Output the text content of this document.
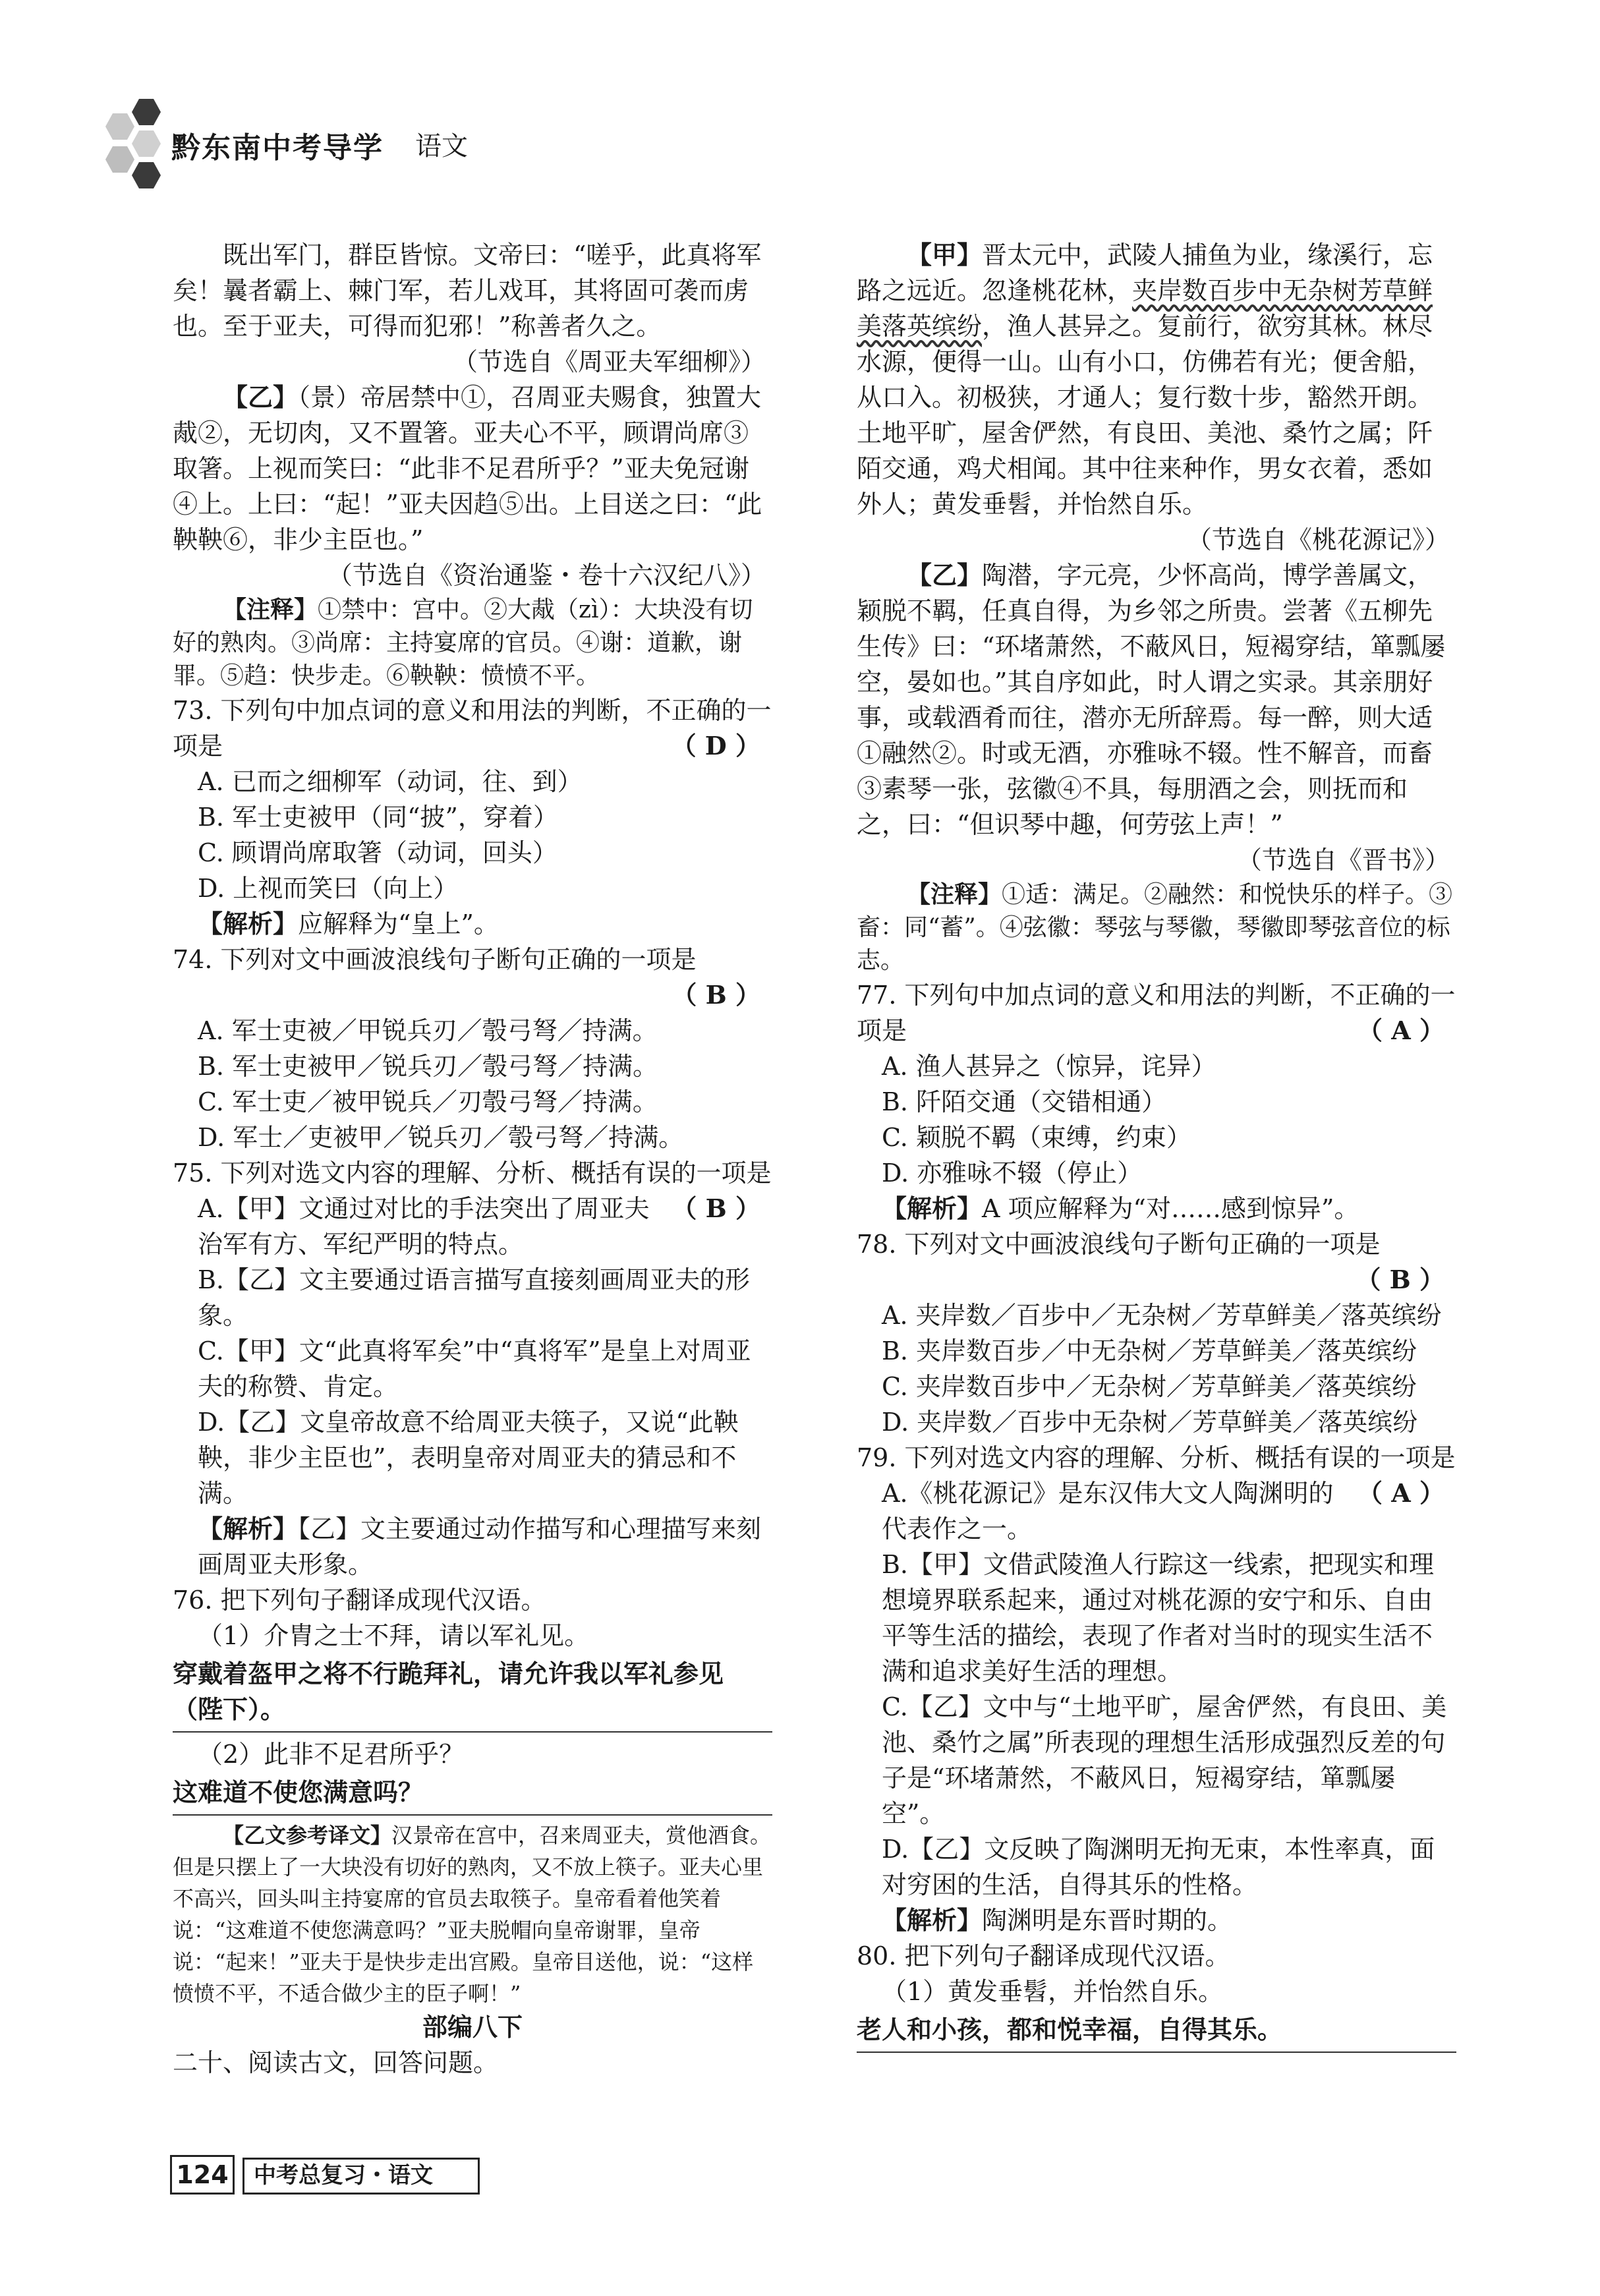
黔东南中考导学 语文

既出军门，群臣皆惊。文帝曰：“嗟乎，此真将军矣！曩者霸上、棘门军，若儿戏耳，其将固可袭而虏也。至于亚夫，可得而犯邪！”称善者久之。

（节选自《周亚夫军细柳》）

【乙】（景）帝居禁中①，召周亚夫赐食，独置大胾②，无切肉，又不置箸。亚夫心不平，顾谓尚席③取箸。上视而笑曰：“此非不足君所乎？”亚夫免冠谢④上。上曰：“起！”亚夫因趋⑤出。上目送之曰：“此鞅鞅⑥，非少主臣也。”

（节选自《资治通鉴・卷十六汉纪八》）

【注释】①禁中：宫中。②大胾（zì）：大块没有切好的熟肉。③尚席：主持宴席的官员。④谢：道歉，谢罪。⑤趋：快步走。⑥鞅鞅：愤愤不平。

73. 下列句中加点词的意义和用法的判断，不正确的一项是	（ D ）

A. 已而之细柳军（动词，往、到）

B. 军士吏被甲（同“披”，穿着）

C. 顾谓尚席取箸（动词，回头）

D. 上视而笑曰（向上）

【解析】应解释为“皇上”。

74. 下列对文中画波浪线句子断句正确的一项是

（ B ）

A. 军士吏被／甲锐兵刃／彀弓弩／持满。

B. 军士吏被甲／锐兵刃／彀弓弩／持满。

C. 军士吏／被甲锐兵／刃彀弓弩／持满。

D. 军士／吏被甲／锐兵刃／彀弓弩／持满。

75. 下列对选文内容的理解、分析、概括有误的一项是
（ B ）

A.【甲】文通过对比的手法突出了周亚夫治军有方、军纪严明的特点。

B.【乙】文主要通过语言描写直接刻画周亚夫的形象。

C.【甲】文“此真将军矣”中“真将军”是皇上对周亚夫的称赞、肯定。

D.【乙】文皇帝故意不给周亚夫筷子，又说“此鞅鞅，非少主臣也”，表明皇帝对周亚夫的猜忌和不满。

【解析】【乙】文主要通过动作描写和心理描写来刻画周亚夫形象。

76. 把下列句子翻译成现代汉语。

（1）介胄之士不拜，请以军礼见。

穿戴着盔甲之将不行跪拜礼，请允许我以军礼参见（陛下）。

（2）此非不足君所乎？

这难道不使您满意吗？

【乙文参考译文】汉景帝在宫中，召来周亚夫，赏他酒食。但是只摆上了一大块没有切好的熟肉，又不放上筷子。亚夫心里不高兴，回头叫主持宴席的官员去取筷子。皇帝看着他笑着说：“这难道不使您满意吗？”亚夫脱帽向皇帝谢罪，皇帝说：“起来！”亚夫于是快步走出宫殿。皇帝目送他，说：“这样愤愤不平，不适合做少主的臣子啊！”

部编八下

二十、阅读古文，回答问题。

【甲】晋太元中，武陵人捕鱼为业，缘溪行，忘路之远近。忽逢桃花林，夹岸数百步中无杂树芳草鲜美落英缤纷，渔人甚异之。复前行，欲穷其林。林尽水源，便得一山。山有小口，仿佛若有光；便舍船，从口入。初极狭，才通人；复行数十步，豁然开朗。土地平旷，屋舍俨然，有良田、美池、桑竹之属；阡陌交通，鸡犬相闻。其中往来种作，男女衣着，悉如外人；黄发垂髫，并怡然自乐。

（节选自《桃花源记》）

【乙】陶潜，字元亮，少怀高尚，博学善属文，颖脱不羁，任真自得，为乡邻之所贵。尝著《五柳先生传》曰：“环堵萧然，不蔽风日，短褐穿结，箪瓢屡空，晏如也。”其自序如此，时人谓之实录。其亲朋好事，或载酒肴而往，潜亦无所辞焉。每一醉，则大适①融然②。时或无酒，亦雅咏不辍。性不解音，而畜③素琴一张，弦徽④不具，每朋酒之会，则抚而和之，曰：“但识琴中趣，何劳弦上声！”

（节选自《晋书》）

【注释】①适：满足。②融然：和悦快乐的样子。③畜：同“蓄”。④弦徽：琴弦与琴徽，琴徽即琴弦音位的标志。

77. 下列句中加点词的意义和用法的判断，不正确的一项是	（ A ）

A. 渔人甚异之（惊异，诧异）

B. 阡陌交通（交错相通）

C. 颖脱不羁（束缚，约束）

D. 亦雅咏不辍（停止）

【解析】A 项应解释为“对……感到惊异”。

78. 下列对文中画波浪线句子断句正确的一项是

（ B ）

A. 夹岸数／百步中／无杂树／芳草鲜美／落英缤纷

B. 夹岸数百步／中无杂树／芳草鲜美／落英缤纷

C. 夹岸数百步中／无杂树／芳草鲜美／落英缤纷

D. 夹岸数／百步中无杂树／芳草鲜美／落英缤纷

79. 下列对选文内容的理解、分析、概括有误的一项是
（ A ）

A.《桃花源记》是东汉伟大文人陶渊明的代表作之一。

B.【甲】文借武陵渔人行踪这一线索，把现实和理想境界联系起来，通过对桃花源的安宁和乐、自由平等生活的描绘，表现了作者对当时的现实生活不满和追求美好生活的理想。

C.【乙】文中与“土地平旷，屋舍俨然，有良田、美池、桑竹之属”所表现的理想生活形成强烈反差的句子是“环堵萧然，不蔽风日，短褐穿结，箪瓢屡空”。

D.【乙】文反映了陶渊明无拘无束，本性率真，面对穷困的生活，自得其乐的性格。

【解析】陶渊明是东晋时期的。

80. 把下列句子翻译成现代汉语。

（1）黄发垂髫，并怡然自乐。

老人和小孩，都和悦幸福，自得其乐。

124	中考总复习・语文
